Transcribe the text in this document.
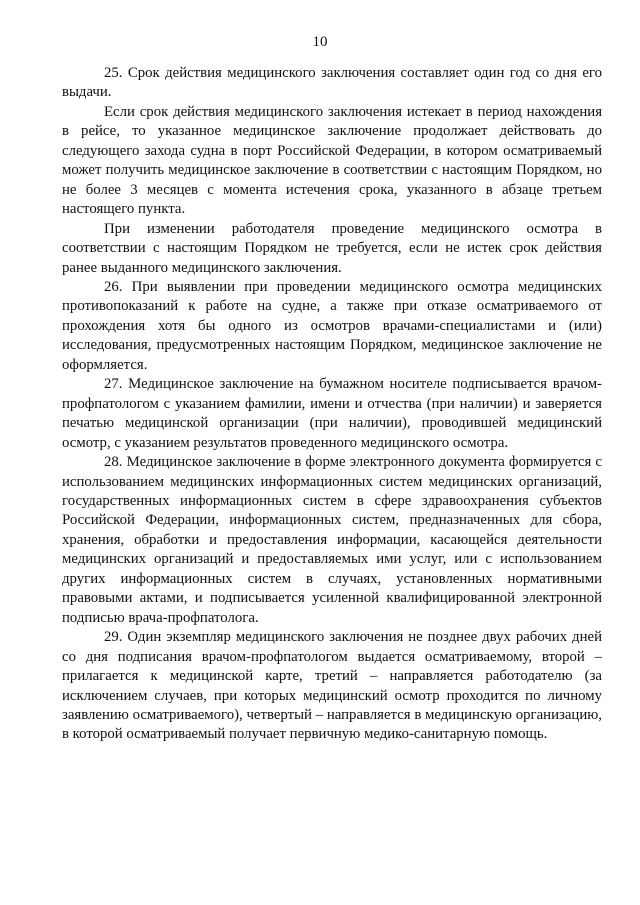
10

25. Срок действия медицинского заключения составляет один год со дня его выдачи.

Если срок действия медицинского заключения истекает в период нахождения в рейсе, то указанное медицинское заключение продолжает действовать до следующего захода судна в порт Российской Федерации, в котором осматриваемый может получить медицинское заключение в соответствии с настоящим Порядком, но не более 3 месяцев с момента истечения срока, указанного в абзаце третьем настоящего пункта.

При изменении работодателя проведение медицинского осмотра в соответствии с настоящим Порядком не требуется, если не истек срок действия ранее выданного медицинского заключения.

26. При выявлении при проведении медицинского осмотра медицинских противопоказаний к работе на судне, а также при отказе осматриваемого от прохождения хотя бы одного из осмотров врачами-специалистами и (или) исследования, предусмотренных настоящим Порядком, медицинское заключение не оформляется.

27. Медицинское заключение на бумажном носителе подписывается врачом-профпатологом с указанием фамилии, имени и отчества (при наличии) и заверяется печатью медицинской организации (при наличии), проводившей медицинский осмотр, с указанием результатов проведенного медицинского осмотра.

28. Медицинское заключение в форме электронного документа формируется с использованием медицинских информационных систем медицинских организаций, государственных информационных систем в сфере здравоохранения субъектов Российской Федерации, информационных систем, предназначенных для сбора, хранения, обработки и предоставления информации, касающейся деятельности медицинских организаций и предоставляемых ими услуг, или с использованием других информационных систем в случаях, установленных нормативными правовыми актами, и подписывается усиленной квалифицированной электронной подписью врача-профпатолога.

29. Один экземпляр медицинского заключения не позднее двух рабочих дней со дня подписания врачом-профпатологом выдается осматриваемому, второй – прилагается к медицинской карте, третий – направляется работодателю (за исключением случаев, при которых медицинский осмотр проходится по личному заявлению осматриваемого), четвертый – направляется в медицинскую организацию, в которой осматриваемый получает первичную медико-санитарную помощь.
